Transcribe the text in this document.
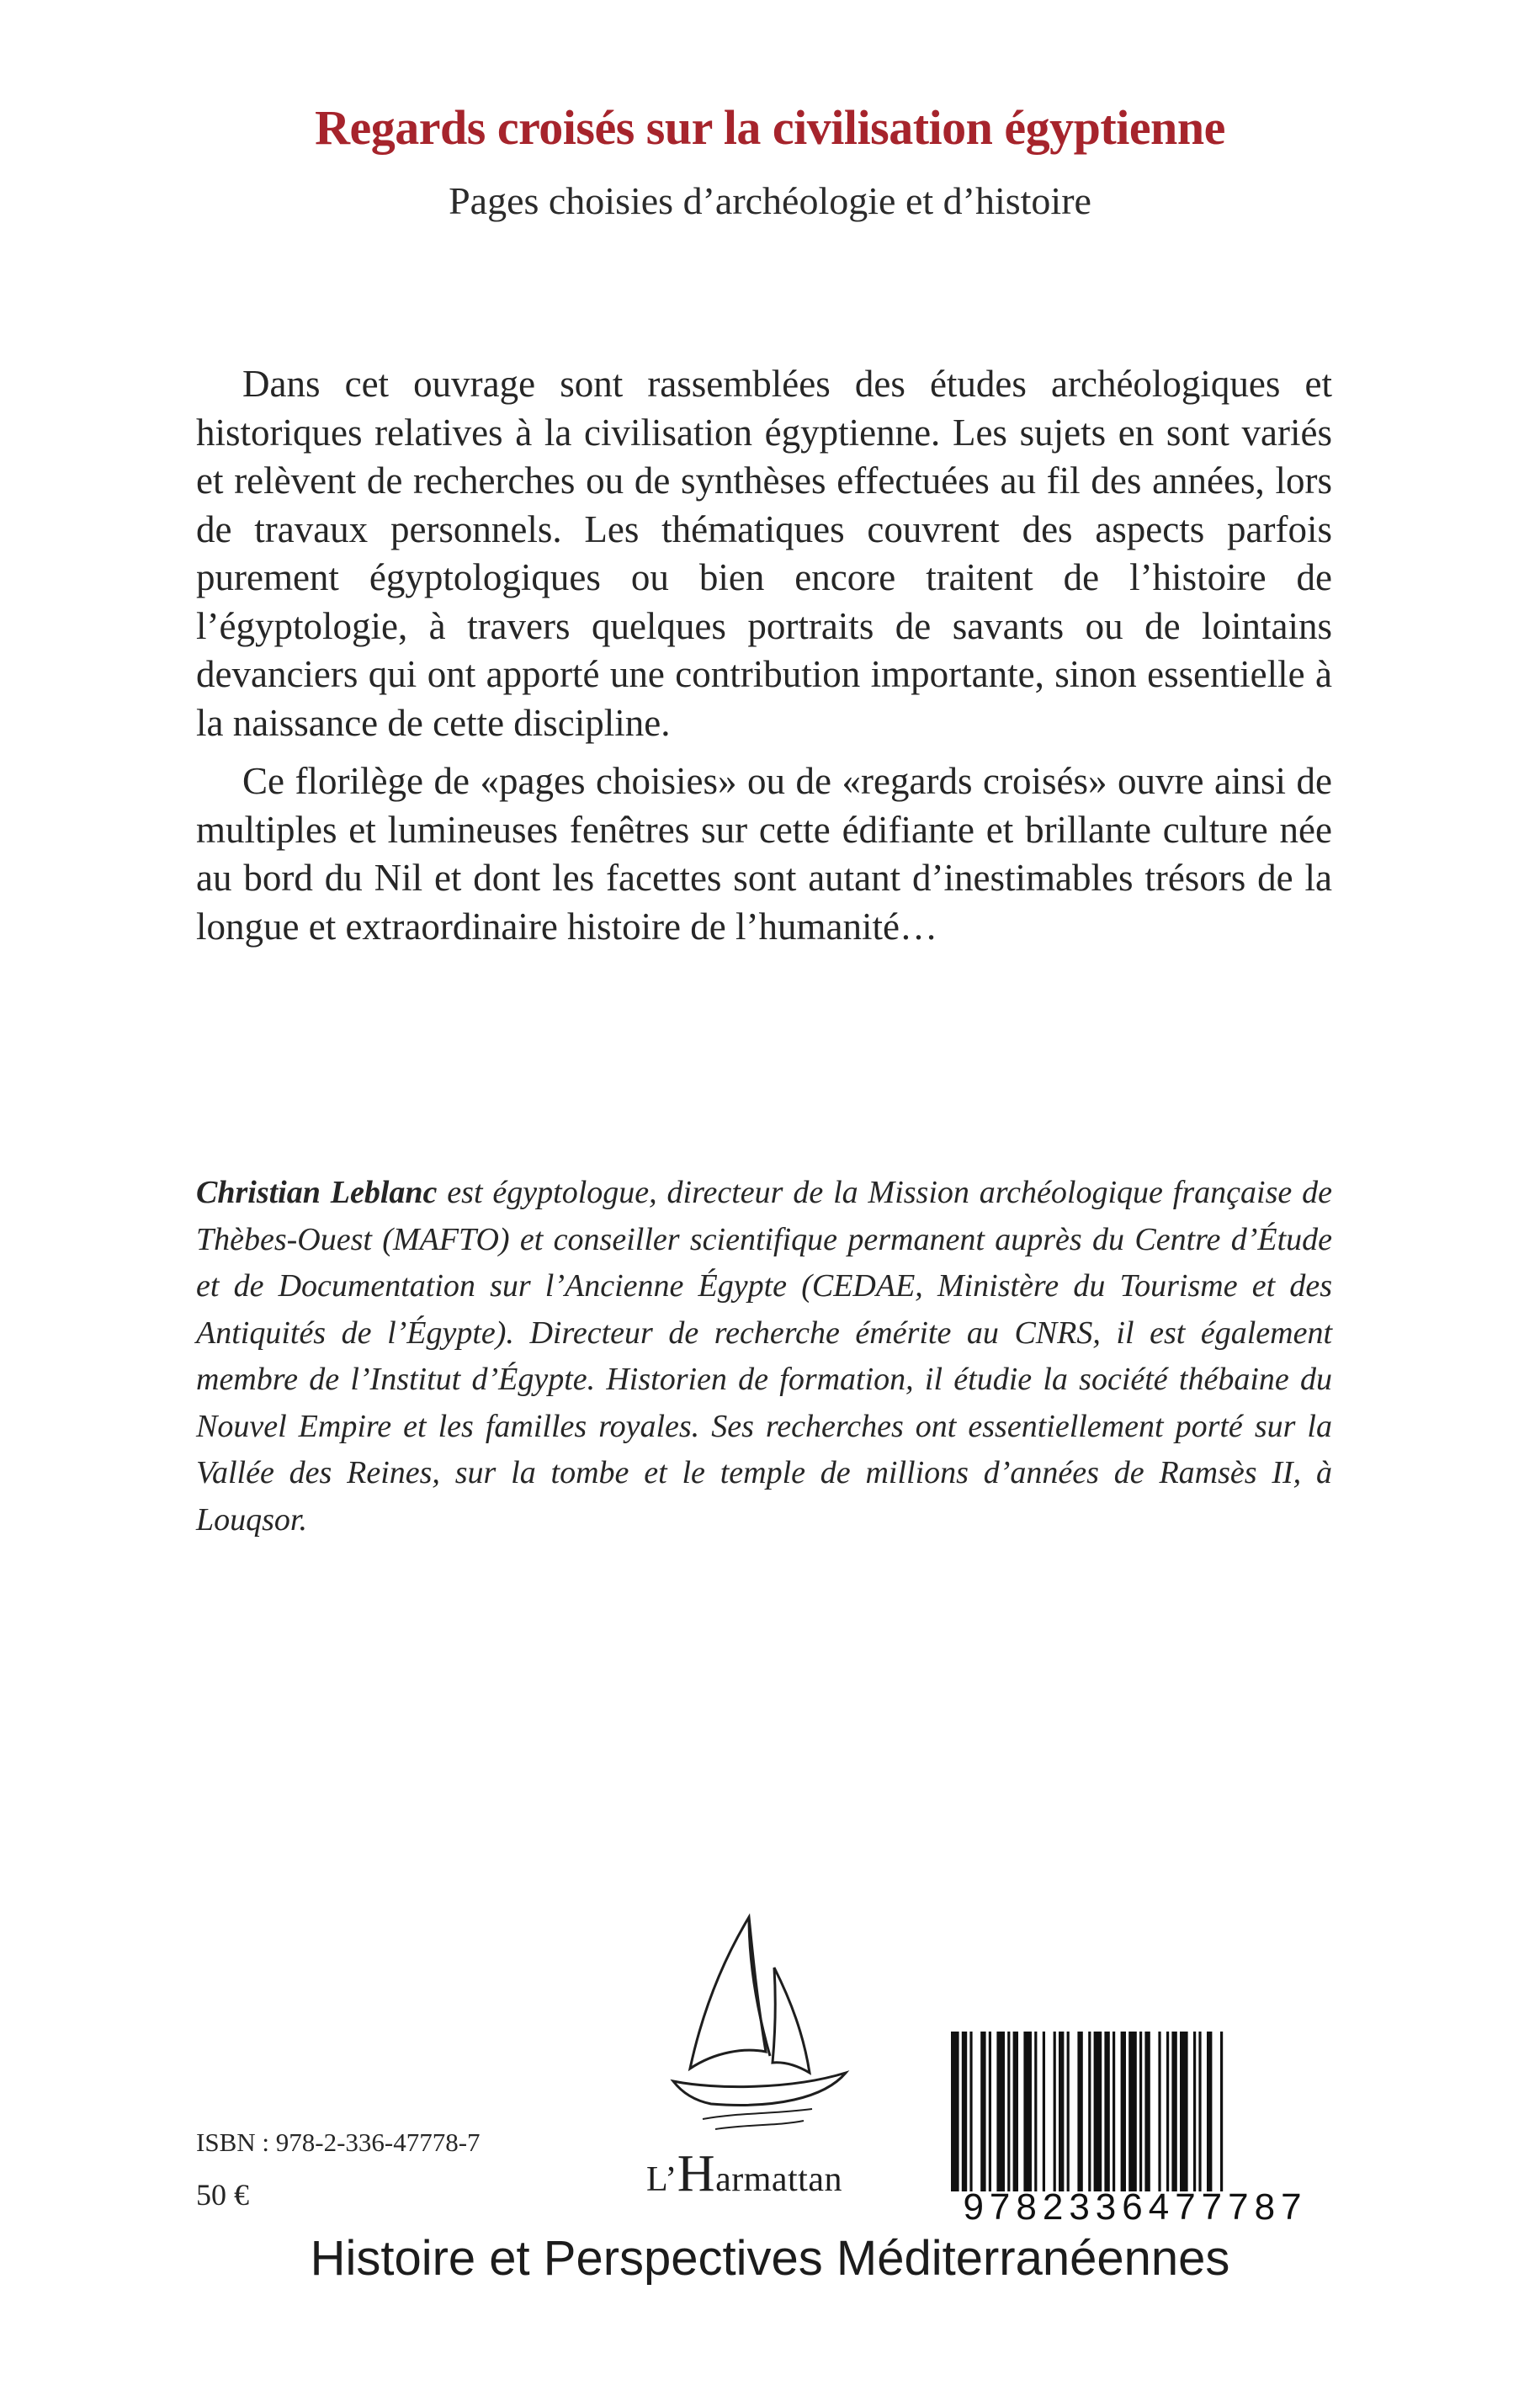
Regards croisés sur la civilisation égyptienne
Pages choisies d’archéologie et d’histoire

Dans cet ouvrage sont rassemblées des études archéologiques et historiques relatives à la civilisation égyptienne. Les sujets en sont variés et relèvent de recherches ou de synthèses effectuées au fil des années, lors de travaux personnels. Les thématiques couvrent des aspects parfois purement égyptologiques ou bien encore traitent de l’histoire de l’égyptologie, à travers quelques portraits de savants ou de lointains devanciers qui ont apporté une contribution importante, sinon essentielle à la naissance de cette discipline.

Ce florilège de «pages choisies» ou de «regards croisés» ouvre ainsi de multiples et lumineuses fenêtres sur cette édifiante et brillante culture née au bord du Nil et dont les facettes sont autant d’inestimables trésors de la longue et extraordinaire histoire de l’humanité…

Christian Leblanc est égyptologue, directeur de la Mission archéologique française de Thèbes-Ouest (MAFTO) et conseiller scientifique permanent auprès du Centre d’Étude et de Documentation sur l’Ancienne Égypte (CEDAE, Ministère du Tourisme et des Antiquités de l’Égypte). Directeur de recherche émérite au CNRS, il est également membre de l’Institut d’Égypte. Historien de formation, il étudie la société thébaine du Nouvel Empire et les familles royales. Ses recherches ont essentiellement porté sur la Vallée des Reines, sur la tombe et le temple de millions d’années de Ramsès II, à Louqsor.
L’Harmattan
ISBN : 978-2-336-47778-7
50 €	9782336477787
Histoire et Perspectives Méditerranéennes
